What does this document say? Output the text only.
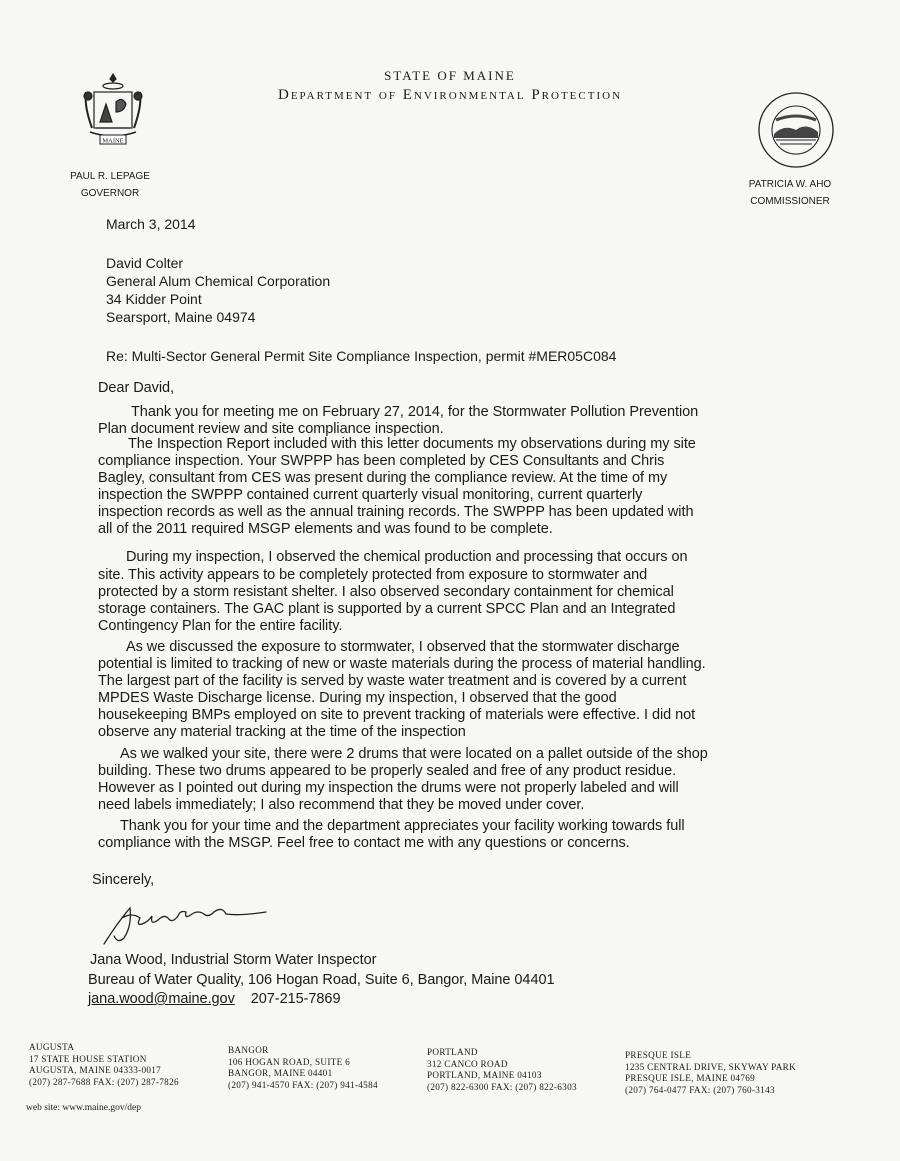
STATE OF MAINE
Department of Environmental Protection
MAINE
PAUL R. LEPAGE
GOVERNOR
PATRICIA W. AHO
COMMISSIONER
March 3, 2014
David Colter
General Alum Chemical Corporation
34 Kidder Point
Searsport, Maine 04974
Re: Multi-Sector General Permit Site Compliance Inspection, permit #MER05C084
Dear David,
Thank you for meeting me on February 27, 2014, for the Stormwater Pollution Prevention
Plan document review and site compliance inspection.
The Inspection Report included with this letter documents my observations during my site
compliance inspection. Your SWPPP has been completed by CES Consultants and Chris
Bagley, consultant from CES was present during the compliance review. At the time of my
inspection the SWPPP contained current quarterly visual monitoring, current quarterly
inspection records as well as the annual training records. The SWPPP has been updated with
all of the 2011 required MSGP elements and was found to be complete.
During my inspection, I observed the chemical production and processing that occurs on
site. This activity appears to be completely protected from exposure to stormwater and
protected by a storm resistant shelter. I also observed secondary containment for chemical
storage containers. The GAC plant is supported by a current SPCC Plan and an Integrated
Contingency Plan for the entire facility.
As we discussed the exposure to stormwater, I observed that the stormwater discharge
potential is limited to tracking of new or waste materials during the process of material handling.
The largest part of the facility is served by waste water treatment and is covered by a current
MPDES Waste Discharge license. During my inspection, I observed that the good
housekeeping BMPs employed on site to prevent tracking of materials were effective. I did not
observe any material tracking at the time of the inspection
As we walked your site, there were 2 drums that were located on a pallet outside of the shop
building. These two drums appeared to be properly sealed and free of any product residue.
However as I pointed out during my inspection the drums were not properly labeled and will
need labels immediately; I also recommend that they be moved under cover.
Thank you for your time and the department appreciates your facility working towards full
compliance with the MSGP. Feel free to contact me with any questions or concerns.
Sincerely,
Jana Wood, Industrial Storm Water Inspector
Bureau of Water Quality, 106 Hogan Road, Suite 6, Bangor, Maine 04401
jana.wood@maine.gov 207-215-7869
AUGUSTA
17 STATE HOUSE STATION
AUGUSTA, MAINE 04333-0017
(207) 287-7688 FAX: (207) 287-7826
BANGOR
106 HOGAN ROAD, SUITE 6
BANGOR, MAINE 04401
(207) 941-4570 FAX: (207) 941-4584
PORTLAND
312 CANCO ROAD
PORTLAND, MAINE 04103
(207) 822-6300 FAX: (207) 822-6303
PRESQUE ISLE
1235 CENTRAL DRIVE, SKYWAY PARK
PRESQUE ISLE, MAINE 04769
(207) 764-0477 FAX: (207) 760-3143
web site: www.maine.gov/dep
